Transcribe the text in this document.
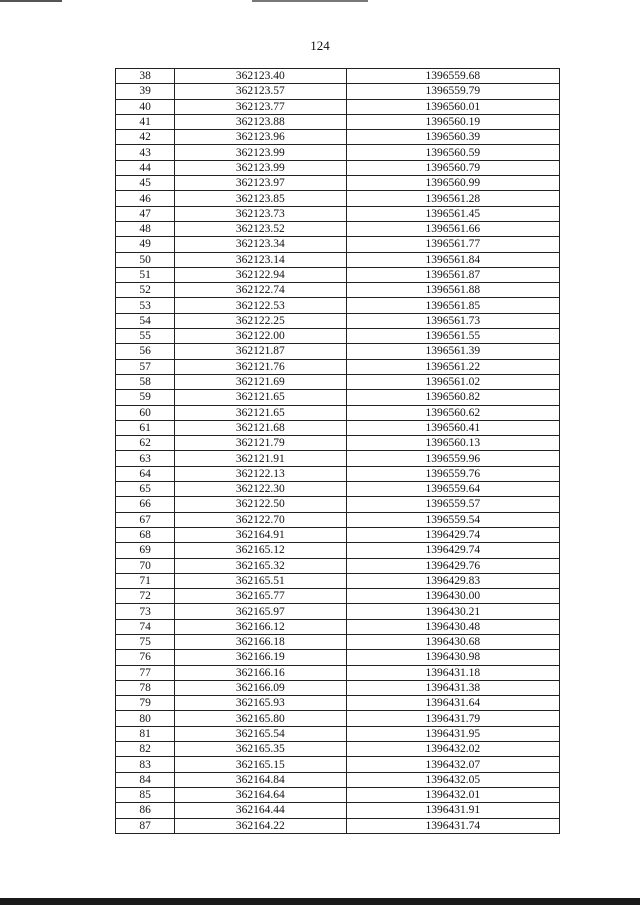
124
38	362123.40	1396559.68
39	362123.57	1396559.79
40	362123.77	1396560.01
41	362123.88	1396560.19
42	362123.96	1396560.39
43	362123.99	1396560.59
44	362123.99	1396560.79
45	362123.97	1396560.99
46	362123.85	1396561.28
47	362123.73	1396561.45
48	362123.52	1396561.66
49	362123.34	1396561.77
50	362123.14	1396561.84
51	362122.94	1396561.87
52	362122.74	1396561.88
53	362122.53	1396561.85
54	362122.25	1396561.73
55	362122.00	1396561.55
56	362121.87	1396561.39
57	362121.76	1396561.22
58	362121.69	1396561.02
59	362121.65	1396560.82
60	362121.65	1396560.62
61	362121.68	1396560.41
62	362121.79	1396560.13
63	362121.91	1396559.96
64	362122.13	1396559.76
65	362122.30	1396559.64
66	362122.50	1396559.57
67	362122.70	1396559.54
68	362164.91	1396429.74
69	362165.12	1396429.74
70	362165.32	1396429.76
71	362165.51	1396429.83
72	362165.77	1396430.00
73	362165.97	1396430.21
74	362166.12	1396430.48
75	362166.18	1396430.68
76	362166.19	1396430.98
77	362166.16	1396431.18
78	362166.09	1396431.38
79	362165.93	1396431.64
80	362165.80	1396431.79
81	362165.54	1396431.95
82	362165.35	1396432.02
83	362165.15	1396432.07
84	362164.84	1396432.05
85	362164.64	1396432.01
86	362164.44	1396431.91
87	362164.22	1396431.74
